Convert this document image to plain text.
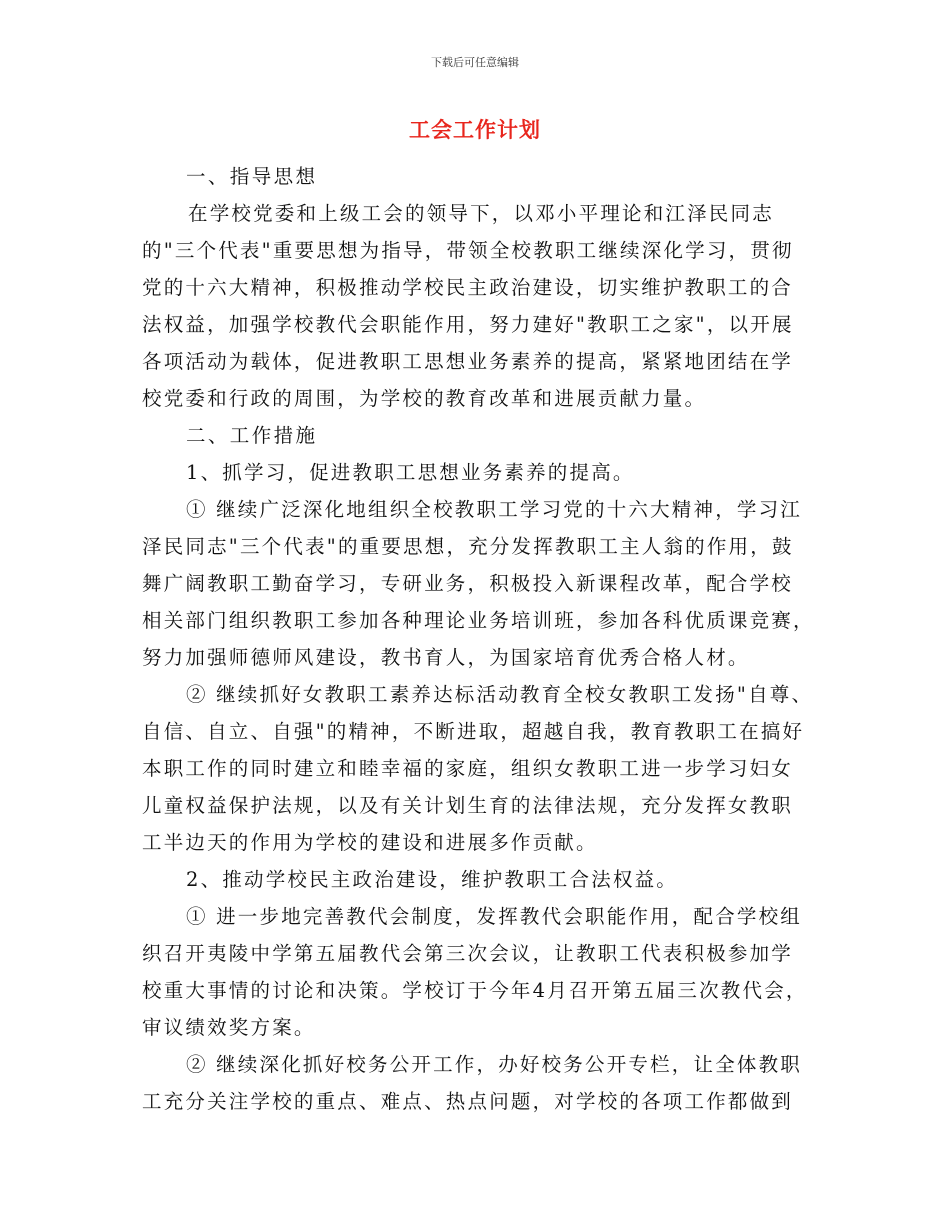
下载后可任意编辑
工会工作计划
一、指导思想
在学校党委和上级工会的领导下，以邓小平理论和江泽民同志
的"三个代表"重要思想为指导，带领全校教职工继续深化学习，贯彻
党的十六大精神，积极推动学校民主政治建设，切实维护教职工的合
法权益，加强学校教代会职能作用，努力建好"教职工之家"，以开展
各项活动为载体，促进教职工思想业务素养的提高，紧紧地团结在学
校党委和行政的周围，为学校的教育改革和进展贡献力量。
二、工作措施
1、抓学习，促进教职工思想业务素养的提高。
① 继续广泛深化地组织全校教职工学习党的十六大精神，学习江
泽民同志"三个代表"的重要思想，充分发挥教职工主人翁的作用，鼓
舞广阔教职工勤奋学习，专研业务，积极投入新课程改革，配合学校
相关部门组织教职工参加各种理论业务培训班，参加各科优质课竞赛，
努力加强师德师风建设，教书育人，为国家培育优秀合格人材。
② 继续抓好女教职工素养达标活动教育全校女教职工发扬"自尊、
自信、自立、自强"的精神，不断进取，超越自我，教育教职工在搞好
本职工作的同时建立和睦幸福的家庭，组织女教职工进一步学习妇女
儿童权益保护法规，以及有关计划生育的法律法规，充分发挥女教职
工半边天的作用为学校的建设和进展多作贡献。
2、推动学校民主政治建设，维护教职工合法权益。
① 进一步地完善教代会制度，发挥教代会职能作用，配合学校组
织召开夷陵中学第五届教代会第三次会议，让教职工代表积极参加学
校重大事情的讨论和决策。学校订于今年4月召开第五届三次教代会，
审议绩效奖方案。
② 继续深化抓好校务公开工作，办好校务公开专栏，让全体教职
工充分关注学校的重点、难点、热点问题，对学校的各项工作都做到
